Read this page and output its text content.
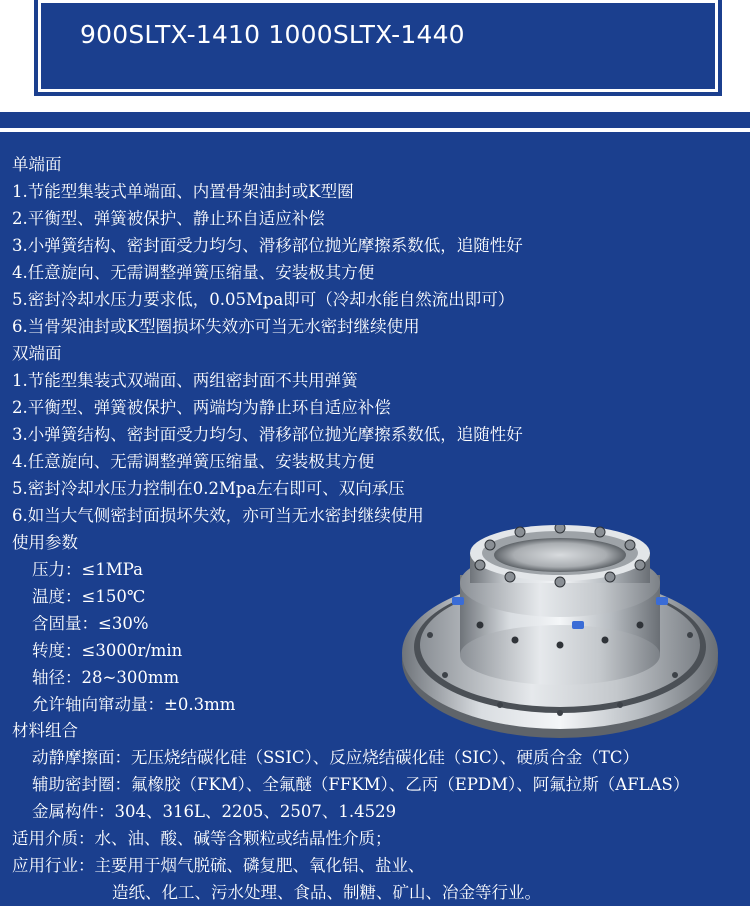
900SLTX-1410 1000SLTX-1440
单端面
1.节能型集装式单端面、内置骨架油封或K型圈
2.平衡型、弹簧被保护、静止环自适应补偿
3.小弹簧结构、密封面受力均匀、滑移部位抛光摩擦系数低，追随性好
4.任意旋向、无需调整弹簧压缩量、安装极其方便
5.密封冷却水压力要求低，0.05Mpa即可（冷却水能自然流出即可）
6.当骨架油封或K型圈损坏失效亦可当无水密封继续使用
双端面
1.节能型集装式双端面、两组密封面不共用弹簧
2.平衡型、弹簧被保护、两端均为静止环自适应补偿
3.小弹簧结构、密封面受力均匀、滑移部位抛光摩擦系数低，追随性好
4.任意旋向、无需调整弹簧压缩量、安装极其方便
5.密封冷却水压力控制在0.2Mpa左右即可、双向承压
6.如当大气侧密封面损坏失效，亦可当无水密封继续使用
使用参数
压力：≤1MPa
温度：≤150℃
含固量：≤30%
转度：≤3000r/min
轴径：28~300mm
允许轴向窜动量：±0.3mm
材料组合
动静摩擦面：无压烧结碳化硅（SSIC）、反应烧结碳化硅（SIC）、硬质合金（TC）
辅助密封圈：氟橡胶（FKM）、全氟醚（FFKM）、乙丙（EPDM）、阿氟拉斯（AFLAS）
金属构件：304、316L、2205、2507、1.4529
适用介质：水、油、酸、碱等含颗粒或结晶性介质；
应用行业：主要用于烟气脱硫、磷复肥、氧化铝、盐业、
造纸、化工、污水处理、食品、制糖、矿山、冶金等行业。
